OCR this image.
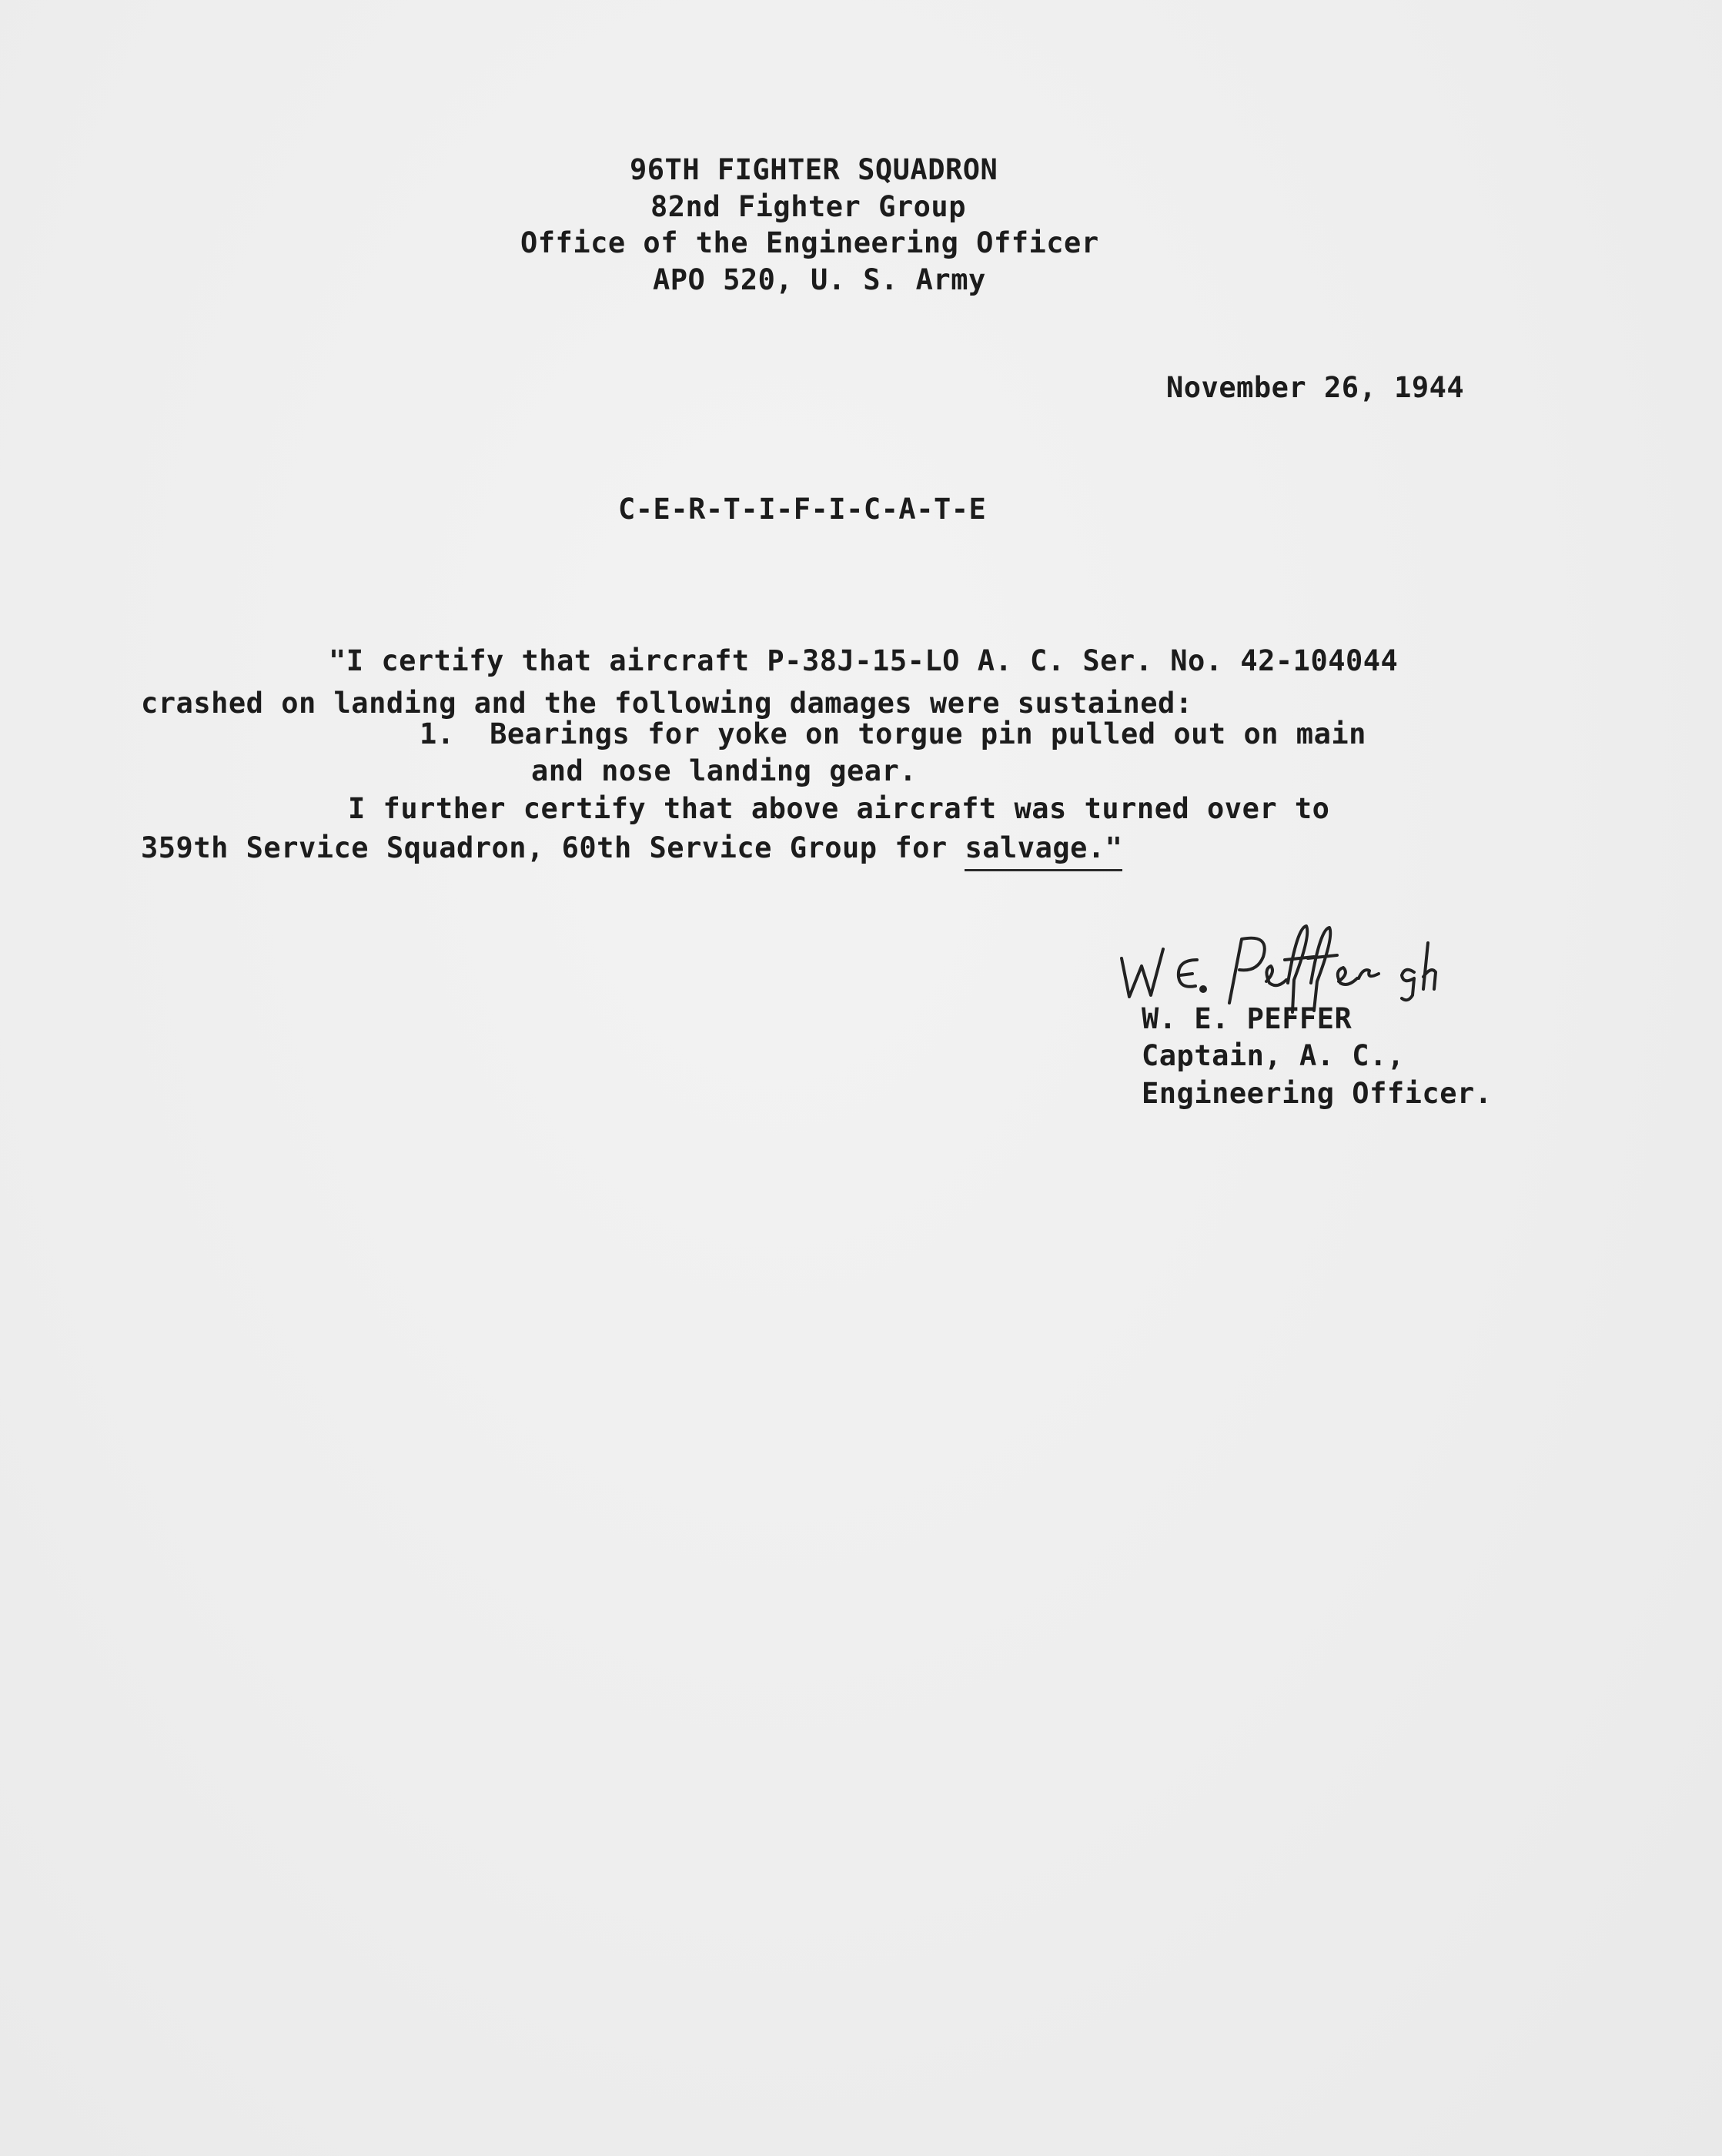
96TH FIGHTER SQUADRON
82nd Fighter Group
Office of the Engineering Officer
APO 520, U. S. Army
November 26, 1944
C-E-R-T-I-F-I-C-A-T-E
"I certify that aircraft P-38J-15-LO A. C. Ser. No. 42-104044
crashed on landing and the following damages were sustained:
1.  Bearings for yoke on torgue pin pulled out on main
and nose landing gear.
I further certify that above aircraft was turned over to
359th Service Squadron, 60th Service Group for salvage."
W. E. PEFFER
Captain, A. C.,
Engineering Officer.
